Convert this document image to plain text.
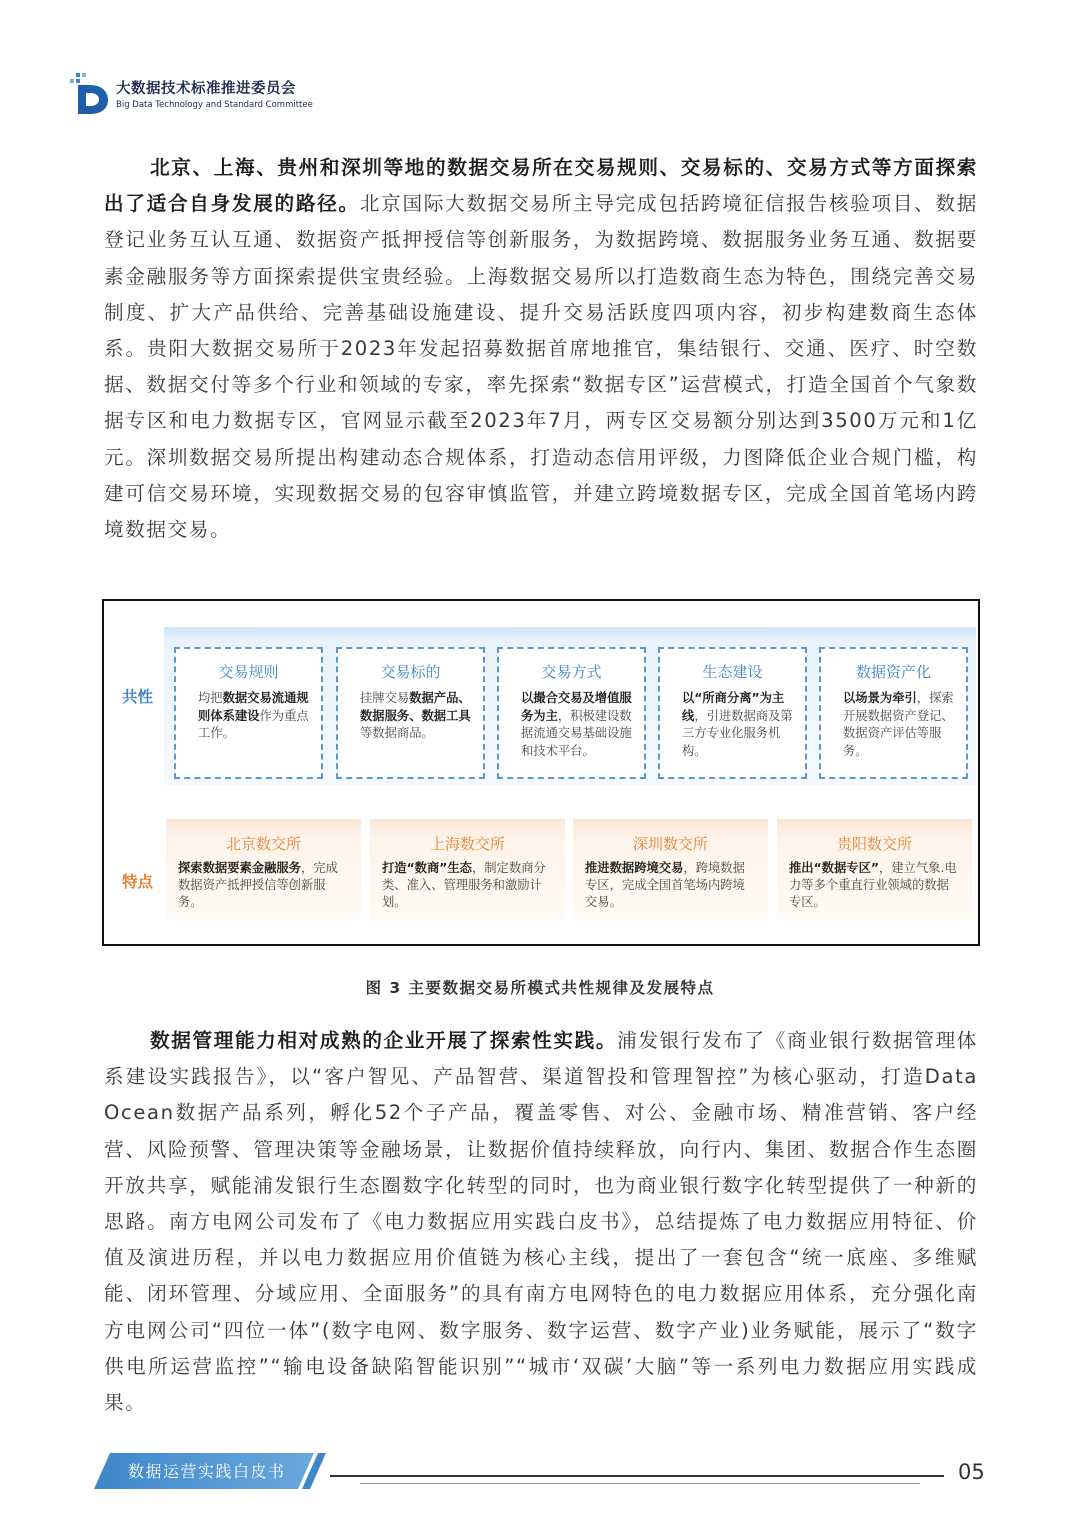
大数据技术标准推进委员会
Big Data Technology and Standard Committee

北京、上海、贵州和深圳等地的数据交易所在交易规则、交易标的、交易方式等方面探索出了适合自身发展的路径。北京国际大数据交易所主导完成包括跨境征信报告核验项目、数据登记业务互认互通、数据资产抵押授信等创新服务，为数据跨境、数据服务业务互通、数据要素金融服务等方面探索提供宝贵经验。上海数据交易所以打造数商生态为特色，围绕完善交易制度、扩大产品供给、完善基础设施建设、提升交易活跃度四项内容，初步构建数商生态体系。贵阳大数据交易所于2023年发起招募数据首席地推官，集结银行、交通、医疗、时空数据、数据交付等多个行业和领域的专家，率先探索“数据专区”运营模式，打造全国首个气象数据专区和电力数据专区，官网显示截至2023年7月，两专区交易额分别达到3500万元和1亿元。深圳数据交易所提出构建动态合规体系，打造动态信用评级，力图降低企业合规门槛，构建可信交易环境，实现数据交易的包容审慎监管，并建立跨境数据专区，完成全国首笔场内跨境数据交易。

共性
特点
交易规则
均把数据交易流通规则体系建设作为重点工作。
交易标的
挂牌交易数据产品、数据服务、数据工具等数据商品。
交易方式
以撮合交易及增值服务为主，积极建设数据流通交易基础设施和技术平台。
生态建设
以“所商分离”为主线，引进数据商及第三方专业化服务机构。
数据资产化
以场景为牵引，探索开展数据资产登记、数据资产评估等服务。
北京数交所
探索数据要素金融服务，完成数据资产抵押授信等创新服务。
上海数交所
打造“数商”生态，制定数商分类、准入、管理服务和激励计划。
深圳数交所
推进数据跨境交易，跨境数据专区，完成全国首笔场内跨境交易。
贵阳数交所
推出“数据专区”，建立气象.电力等多个重直行业领域的数据专区。
图 3 主要数据交易所模式共性规律及发展特点

数据管理能力相对成熟的企业开展了探索性实践。浦发银行发布了《商业银行数据管理体系建设实践报告》，以“客户智见、产品智营、渠道智投和管理智控”为核心驱动，打造Data Ocean数据产品系列，孵化52个子产品，覆盖零售、对公、金融市场、精准营销、客户经营、风险预警、管理决策等金融场景，让数据价值持续释放，向行内、集团、数据合作生态圈开放共享，赋能浦发银行生态圈数字化转型的同时，也为商业银行数字化转型提供了一种新的思路。南方电网公司发布了《电力数据应用实践白皮书》，总结提炼了电力数据应用特征、价值及演进历程，并以电力数据应用价值链为核心主线，提出了一套包含“统一底座、多维赋能、闭环管理、分域应用、全面服务”的具有南方电网特色的电力数据应用体系，充分强化南方电网公司“四位一体”(数字电网、数字服务、数字运营、数字产业)业务赋能，展示了“数字供电所运营监控”“输电设备缺陷智能识别”“城市‘双碳’大脑”等一系列电力数据应用实践成果。

数据运营实践白皮书	05
